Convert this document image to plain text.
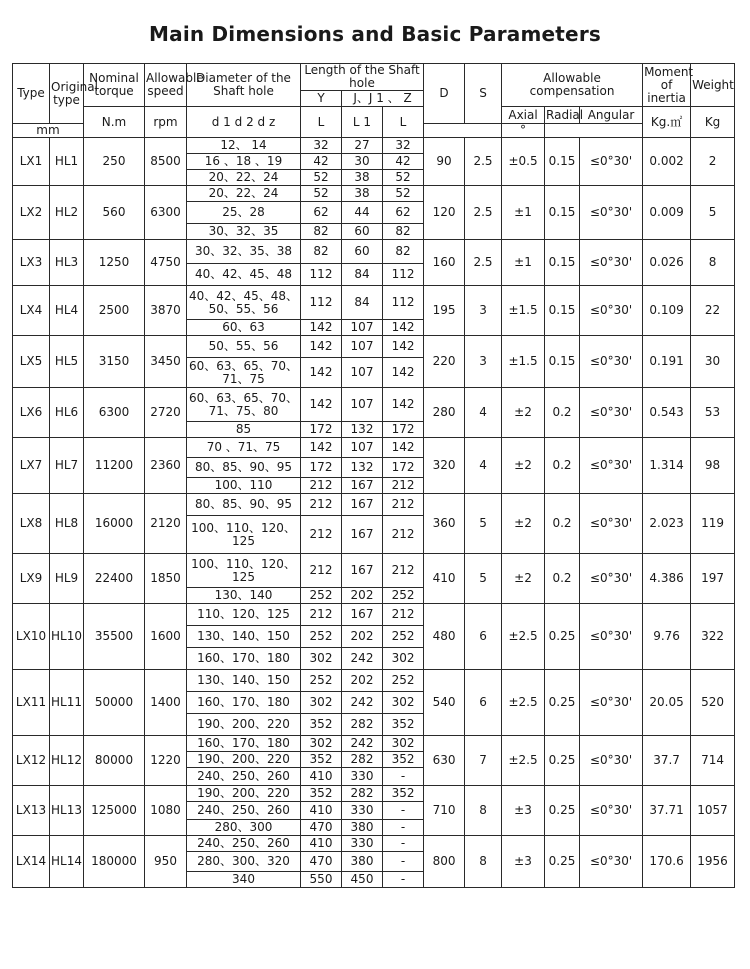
Main Dimensions and Basic Parameters
Type	Original type	Nominal torque	Allowable speed	Diameter of the Shaft hole	Length of the Shaft hole			D	S	Allowable compensation			Moment of inertia	Weight
					Y	J、J 1 、 Z								
		N.m	rpm	d 1 d 2 d z	L	L 1	L			Axial	Radial	Angular	Kg.㎡	Kg
mm										°				
LX1	HL1	250	8500	12、 14	32	27	32	90	2.5	±0.5	0.15	≤0°30'	0.002	2
				16 、18 、19	42	30	42							
				20、22、24	52	38	52							
LX2	HL2	560	6300	20、22、24	52	38	52	120	2.5	±1	0.15	≤0°30'	0.009	5
				25、28	62	44	62							
				30、32、35	82	60	82							
LX3	HL3	1250	4750	30、32、35、38	82	60	82	160	2.5	±1	0.15	≤0°30'	0.026	8
				40、42、45、48	112	84	112							
LX4	HL4	2500	3870	40、42、45、48、50、55、56	112	84	112	195	3	±1.5	0.15	≤0°30'	0.109	22
				60、63	142	107	142							
LX5	HL5	3150	3450	50、55、56	142	107	142	220	3	±1.5	0.15	≤0°30'	0.191	30
				60、63、65、70、71、75	142	107	142							
LX6	HL6	6300	2720	60、63、65、70、71、75、80	142	107	142	280	4	±2	0.2	≤0°30'	0.543	53
				85	172	132	172							
LX7	HL7	11200	2360	70 、71、75	142	107	142	320	4	±2	0.2	≤0°30'	1.314	98
				80、85、90、95	172	132	172							
				100、110	212	167	212							
LX8	HL8	16000	2120	80、85、90、95	212	167	212	360	5	±2	0.2	≤0°30'	2.023	119
				100、110、120、125	212	167	212							
LX9	HL9	22400	1850	100、110、120、125	212	167	212	410	5	±2	0.2	≤0°30'	4.386	197
				130、140	252	202	252							
LX10	HL10	35500	1600	110、120、125	212	167	212	480	6	±2.5	0.25	≤0°30'	9.76	322
				130、140、150	252	202	252							
				160、170、180	302	242	302							
LX11	HL11	50000	1400	130、140、150	252	202	252	540	6	±2.5	0.25	≤0°30'	20.05	520
				160、170、180	302	242	302							
				190、200、220	352	282	352							
LX12	HL12	80000	1220	160、170、180	302	242	302	630	7	±2.5	0.25	≤0°30'	37.7	714
				190、200、220	352	282	352							
				240、250、260	410	330	-							
LX13	HL13	125000	1080	190、200、220	352	282	352	710	8	±3	0.25	≤0°30'	37.71	1057
				240、250、260	410	330	-							
				280、300	470	380	-							
LX14	HL14	180000	950	240、250、260	410	330	-	800	8	±3	0.25	≤0°30'	170.6	1956
				280、300、320	470	380	-							
				340	550	450	-							
